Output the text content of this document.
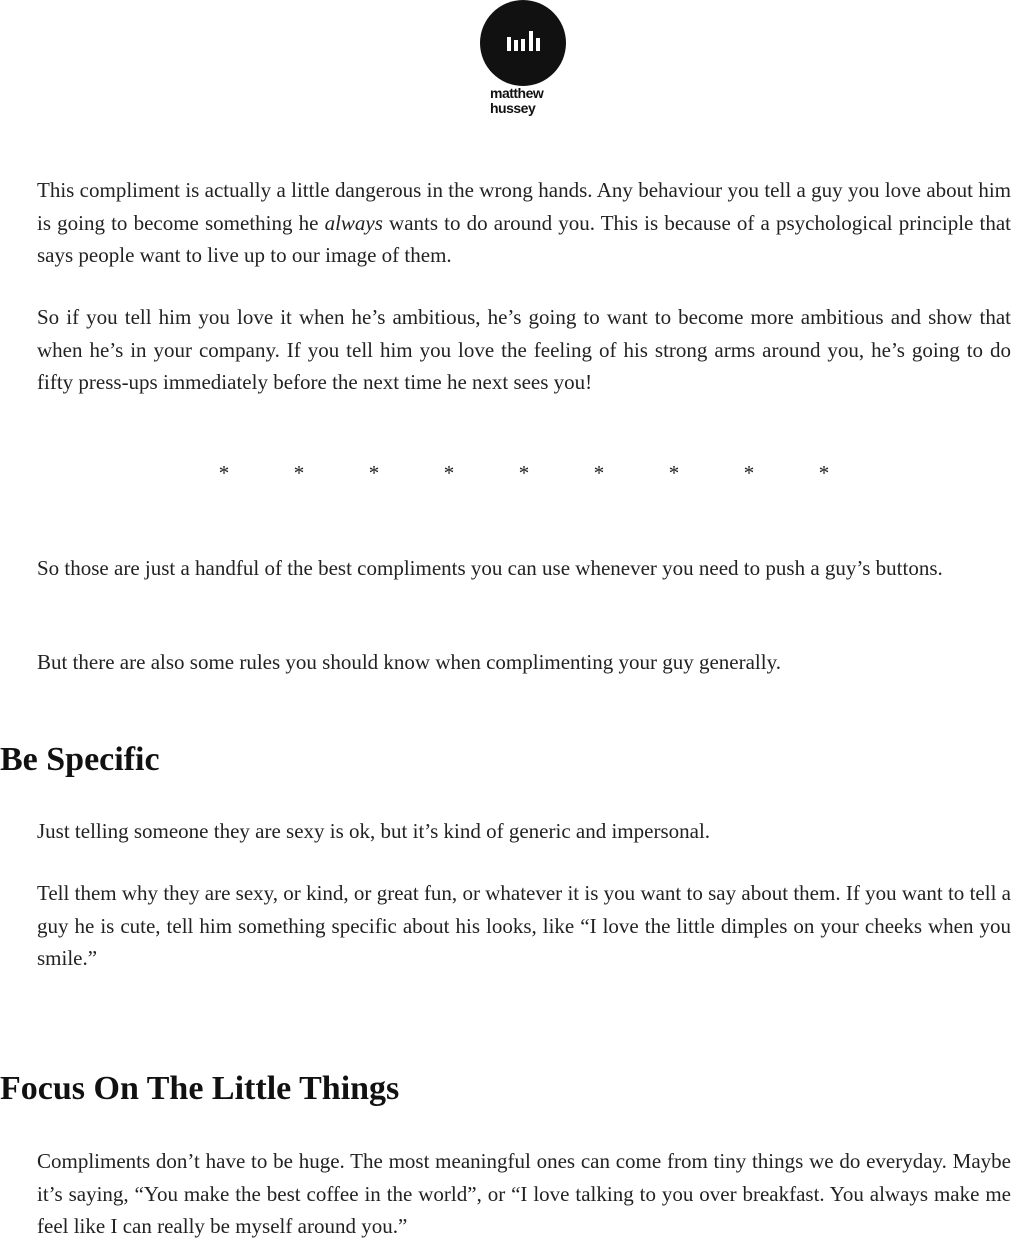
matthew
hussey

This compliment is actually a little dangerous in the wrong hands. Any behaviour you tell a guy you love about him is going to become something he always wants to do around you. This is because of a psychological principle that says people want to live up to our image of them.

So if you tell him you love it when he’s ambitious, he’s going to want to become more ambitious and show that when he’s in your company. If you tell him you love the feeling of his strong arms around you, he’s going to do fifty press-ups immediately before the next time he next sees you!

*	*	*	*	*	*	*	*	*

So those are just a handful of the best compliments you can use whenever you need to push a guy’s buttons.

But there are also some rules you should know when complimenting your guy generally.

Be Specific

Just telling someone they are sexy is ok, but it’s kind of generic and impersonal.

Tell them why they are sexy, or kind, or great fun, or whatever it is you want to say about them. If you want to tell a guy he is cute, tell him something specific about his looks, like “I love the little dimples on your cheeks when you smile.”

Focus On The Little Things

Compliments don’t have to be huge. The most meaningful ones can come from tiny things we do everyday. Maybe it’s saying, “You make the best coffee in the world”, or “I love talking to you over breakfast. You always make me feel like I can really be myself around you.”
